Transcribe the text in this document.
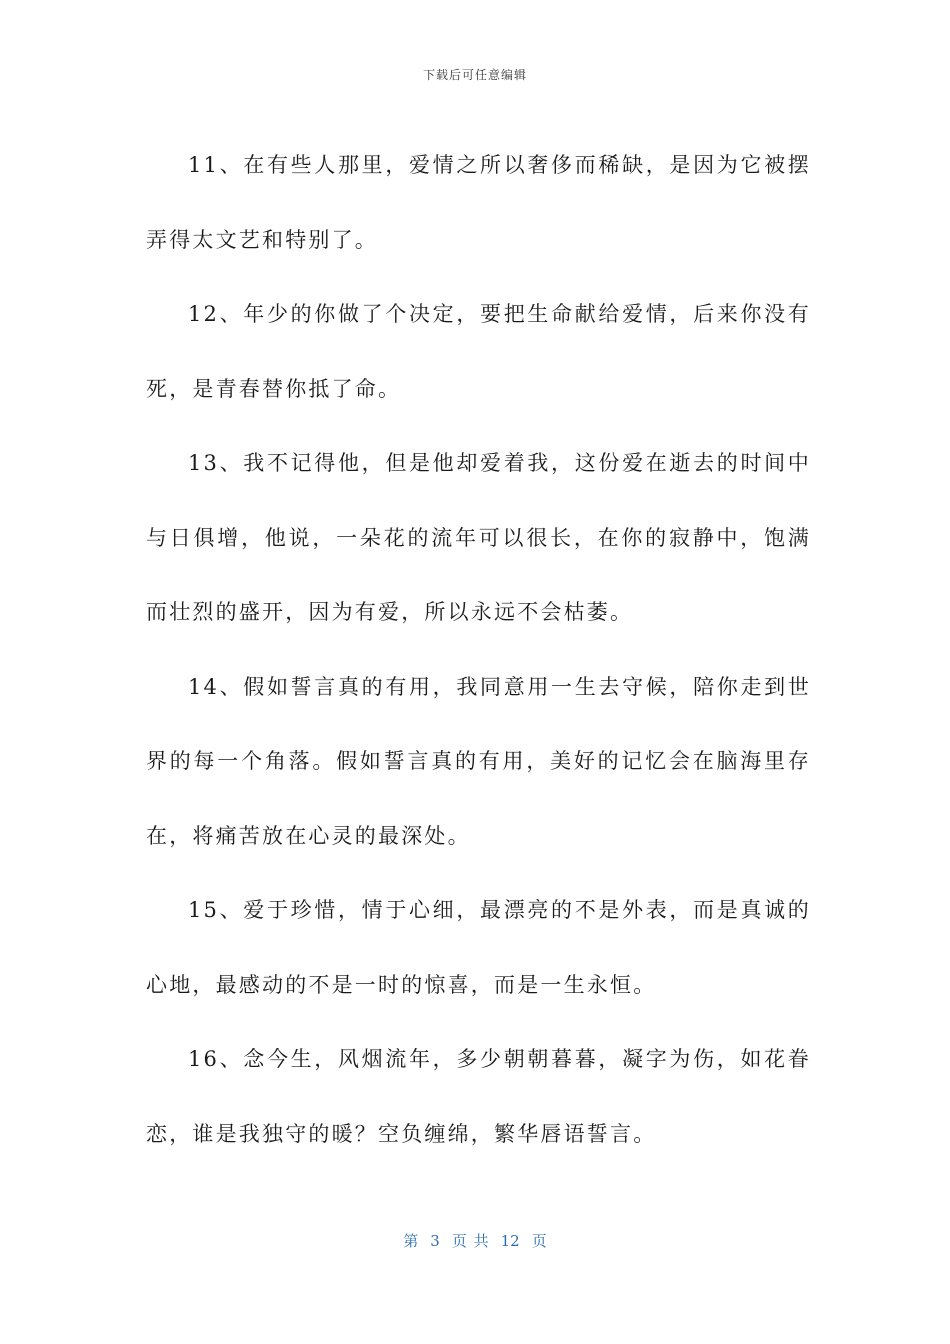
下载后可任意编辑

11、在有些人那里，爱情之所以奢侈而稀缺，是因为它被摆弄得太文艺和特别了。

12、年少的你做了个决定，要把生命献给爱情，后来你没有死，是青春替你抵了命。

13、我不记得他，但是他却爱着我，这份爱在逝去的时间中与日俱增，他说，一朵花的流年可以很长，在你的寂静中，饱满而壮烈的盛开，因为有爱，所以永远不会枯萎。

14、假如誓言真的有用，我同意用一生去守候，陪你走到世界的每一个角落。假如誓言真的有用，美好的记忆会在脑海里存在，将痛苦放在心灵的最深处。

15、爱于珍惜，情于心细，最漂亮的不是外表，而是真诚的心地，最感动的不是一时的惊喜，而是一生永恒。

16、念今生，风烟流年，多少朝朝暮暮，凝字为伤，如花眷恋，谁是我独守的暖？空负缠绵，繁华唇语誓言。

第 3 页 共 12 页
